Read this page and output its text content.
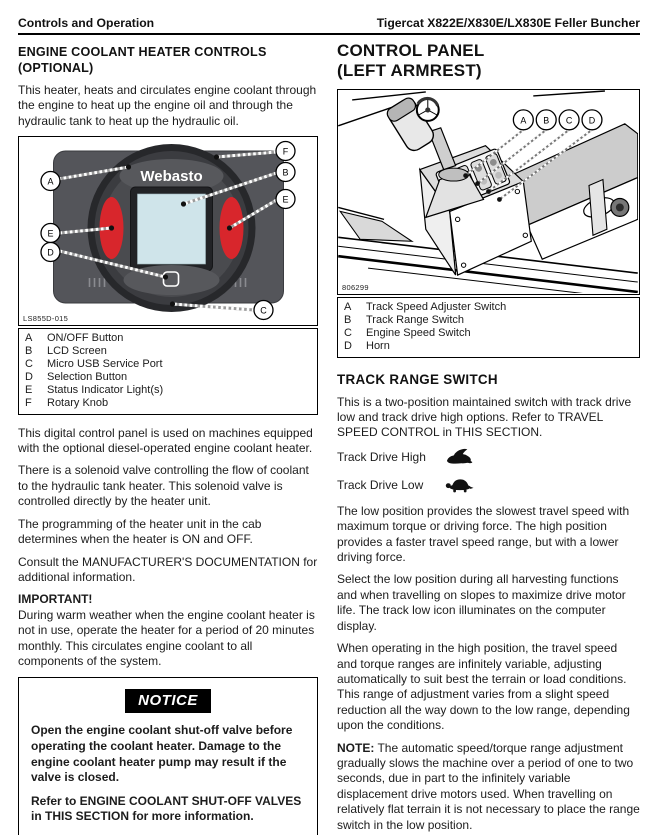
Controls and Operation	Tigercat X822E/X830E/LX830E Feller Buncher
ENGINE COOLANT HEATER CONTROLS
(OPTIONAL)

This heater, heats and circulates engine coolant through the engine to heat up the engine oil and through the hydraulic tank to heat up the hydraulic oil.

Webasto
A
F
B
E
E
D
C
LS855D-015
A	ON/OFF Button
B	LCD Screen
C	Micro USB Service Port
D	Selection Button
E	Status Indicator Light(s)
F	Rotary Knob

This digital control panel is used on machines equipped with the optional diesel-operated engine coolant heater.

There is a solenoid valve controlling the flow of coolant to the hydraulic tank heater. This solenoid valve is controlled directly by the heater unit.

The programming of the heater unit in the cab determines when the heater is ON and OFF.

Consult the MANUFACTURER'S DOCUMENTATION for additional information.

IMPORTANT!
During warm weather when the engine coolant heater is not in use, operate the heater for a period of 20 minutes monthly. This circulates engine coolant to all components of the system.
NOTICE

Open the engine coolant shut-off valve before operating the coolant heater. Damage to the engine coolant heater pump may result if the valve is closed.

Refer to ENGINE COOLANT SHUT-OFF VALVES in THIS SECTION for more information.

CONTROL PANEL
(LEFT ARMREST)
A B C D
806299
A	Track Speed Adjuster Switch
B	Track Range Switch
C	Engine Speed Switch
D	Horn
TRACK RANGE SWITCH

This is a two-position maintained switch with track drive low and track drive high options. Refer to TRAVEL SPEED CONTROL in THIS SECTION.

Track Drive High
Track Drive Low

The low position provides the slowest travel speed with maximum torque or driving force. The high position provides a faster travel speed range, but with a lower driving force.

Select the low position during all harvesting functions and when travelling on slopes to maximize drive motor life. The track low icon illuminates on the computer display.

When operating in the high position, the travel speed and torque ranges are infinitely variable, adjusting automatically to suit best the terrain or load conditions. This range of adjustment varies from a slight speed reduction all the way down to the low range, depending upon the conditions.

NOTE: The automatic speed/torque range adjustment gradually slows the machine over a period of one to two seconds, due in part to the infinitely variable displacement drive motors used. When travelling on relatively flat terrain it is not necessary to place the range switch in the low position.
